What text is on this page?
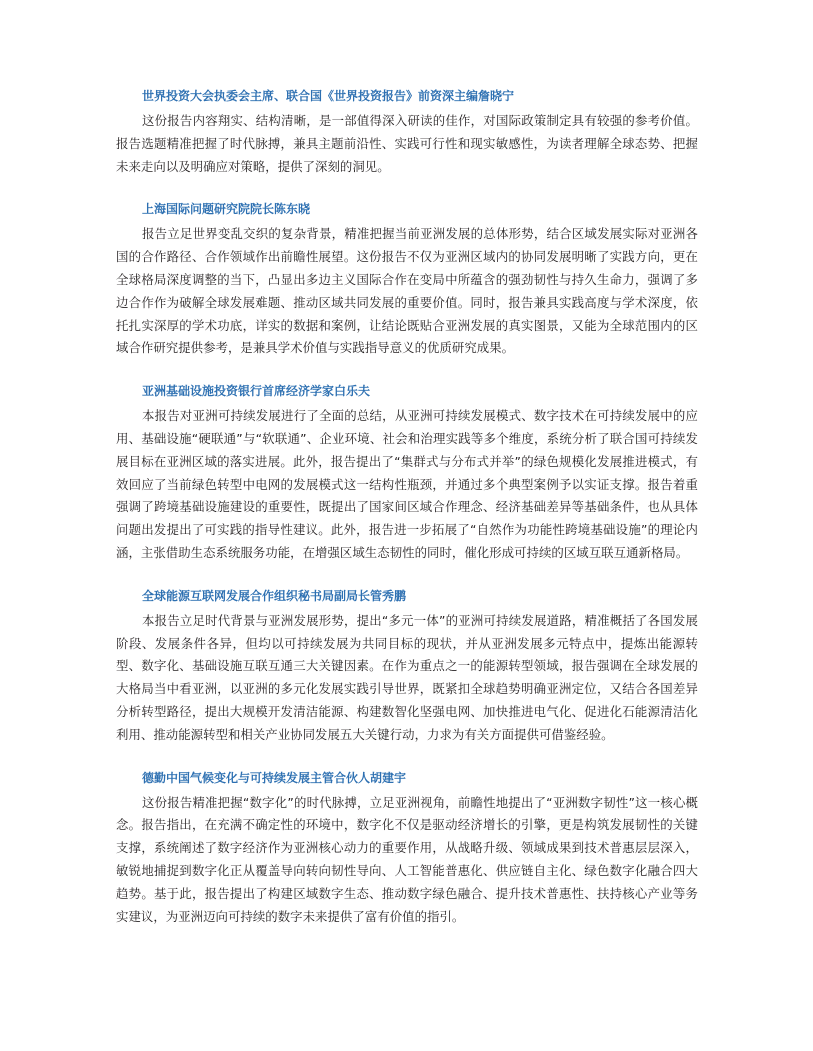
世界投资大会执委会主席、联合国《世界投资报告》前资深主编詹晓宁

这份报告内容翔实、结构清晰，是一部值得深入研读的佳作，对国际政策制定具有较强的参考价值。报告选题精准把握了时代脉搏，兼具主题前沿性、实践可行性和现实敏感性，为读者理解全球态势、把握未来走向以及明确应对策略，提供了深刻的洞见。

上海国际问题研究院院长陈东晓

报告立足世界变乱交织的复杂背景，精准把握当前亚洲发展的总体形势，结合区域发展实际对亚洲各国的合作路径、合作领域作出前瞻性展望。这份报告不仅为亚洲区域内的协同发展明晰了实践方向，更在全球格局深度调整的当下，凸显出多边主义国际合作在变局中所蕴含的强劲韧性与持久生命力，强调了多边合作作为破解全球发展难题、推动区域共同发展的重要价值。同时，报告兼具实践高度与学术深度，依托扎实深厚的学术功底，详实的数据和案例，让结论既贴合亚洲发展的真实图景，又能为全球范围内的区域合作研究提供参考，是兼具学术价值与实践指导意义的优质研究成果。

亚洲基础设施投资银行首席经济学家白乐夫

本报告对亚洲可持续发展进行了全面的总结，从亚洲可持续发展模式、数字技术在可持续发展中的应用、基础设施“硬联通”与“软联通”、企业环境、社会和治理实践等多个维度，系统分析了联合国可持续发展目标在亚洲区域的落实进展。此外，报告提出了“集群式与分布式并举”的绿色规模化发展推进模式，有效回应了当前绿色转型中电网的发展模式这一结构性瓶颈，并通过多个典型案例予以实证支撑。报告着重强调了跨境基础设施建设的重要性，既提出了国家间区域合作理念、经济基础差异等基础条件，也从具体问题出发提出了可实践的指导性建议。此外，报告进一步拓展了“自然作为功能性跨境基础设施”的理论内涵，主张借助生态系统服务功能，在增强区域生态韧性的同时，催化形成可持续的区域互联互通新格局。

全球能源互联网发展合作组织秘书局副局长管秀鹏

本报告立足时代背景与亚洲发展形势，提出“多元一体”的亚洲可持续发展道路，精准概括了各国发展阶段、发展条件各异，但均以可持续发展为共同目标的现状，并从亚洲发展多元特点中，提炼出能源转型、数字化、基础设施互联互通三大关键因素。在作为重点之一的能源转型领域，报告强调在全球发展的大格局当中看亚洲，以亚洲的多元化发展实践引导世界，既紧扣全球趋势明确亚洲定位，又结合各国差异分析转型路径，提出大规模开发清洁能源、构建数智化坚强电网、加快推进电气化、促进化石能源清洁化利用、推动能源转型和相关产业协同发展五大关键行动，力求为有关方面提供可借鉴经验。

德勤中国气候变化与可持续发展主管合伙人胡建宇

这份报告精准把握“数字化”的时代脉搏，立足亚洲视角，前瞻性地提出了“亚洲数字韧性”这一核心概念。报告指出，在充满不确定性的环境中，数字化不仅是驱动经济增长的引擎，更是构筑发展韧性的关键支撑，系统阐述了数字经济作为亚洲核心动力的重要作用，从战略升级、领域成果到技术普惠层层深入，敏锐地捕捉到数字化正从覆盖导向转向韧性导向、人工智能普惠化、供应链自主化、绿色数字化融合四大趋势。基于此，报告提出了构建区域数字生态、推动数字绿色融合、提升技术普惠性、扶持核心产业等务实建议，为亚洲迈向可持续的数字未来提供了富有价值的指引。
